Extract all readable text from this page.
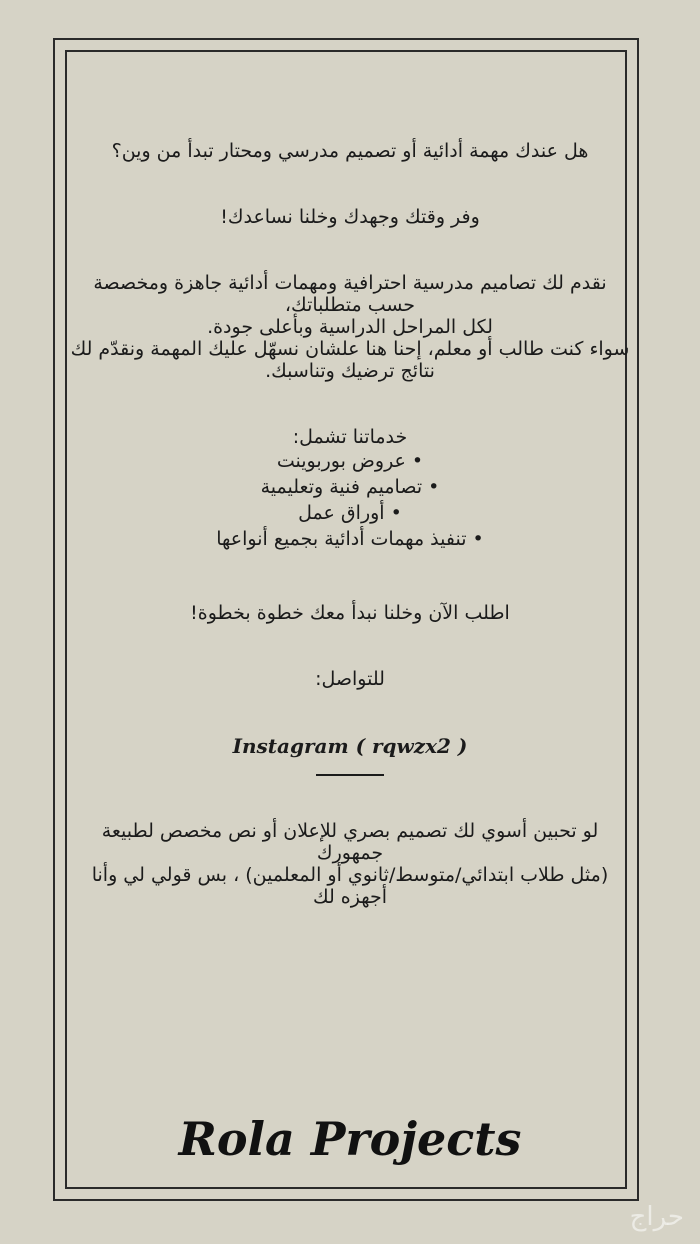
هل عندك مهمة أدائية أو تصميم مدرسي ومحتار تبدأ من وين؟

وفر وقتك وجهدك وخلنا نساعدك!

نقدم لك تصاميم مدرسية احترافية ومهمات أدائية جاهزة ومخصصة حسب متطلباتك،

لكل المراحل الدراسية وبأعلى جودة.

سواء كنت طالب أو معلم، إحنا هنا علشان نسهّل عليك المهمة ونقدّم لك نتائج ترضيك وتناسبك.

خدماتنا تشمل:

• عروض بوربوينت

• تصاميم فنية وتعليمية

• أوراق عمل

• تنفيذ مهمات أدائية بجميع أنواعها

اطلب الآن وخلنا نبدأ معك خطوة بخطوة!

للتواصل:

Instagram ( rqwzx2 )

لو تحبين أسوي لك تصميم بصري للإعلان أو نص مخصص لطبيعة جمهورك

(مثل طلاب ابتدائي/متوسط/ثانوي أو المعلمين) ، بس قولي لي وأنا أجهزه لك

Rola Projects
حراج
